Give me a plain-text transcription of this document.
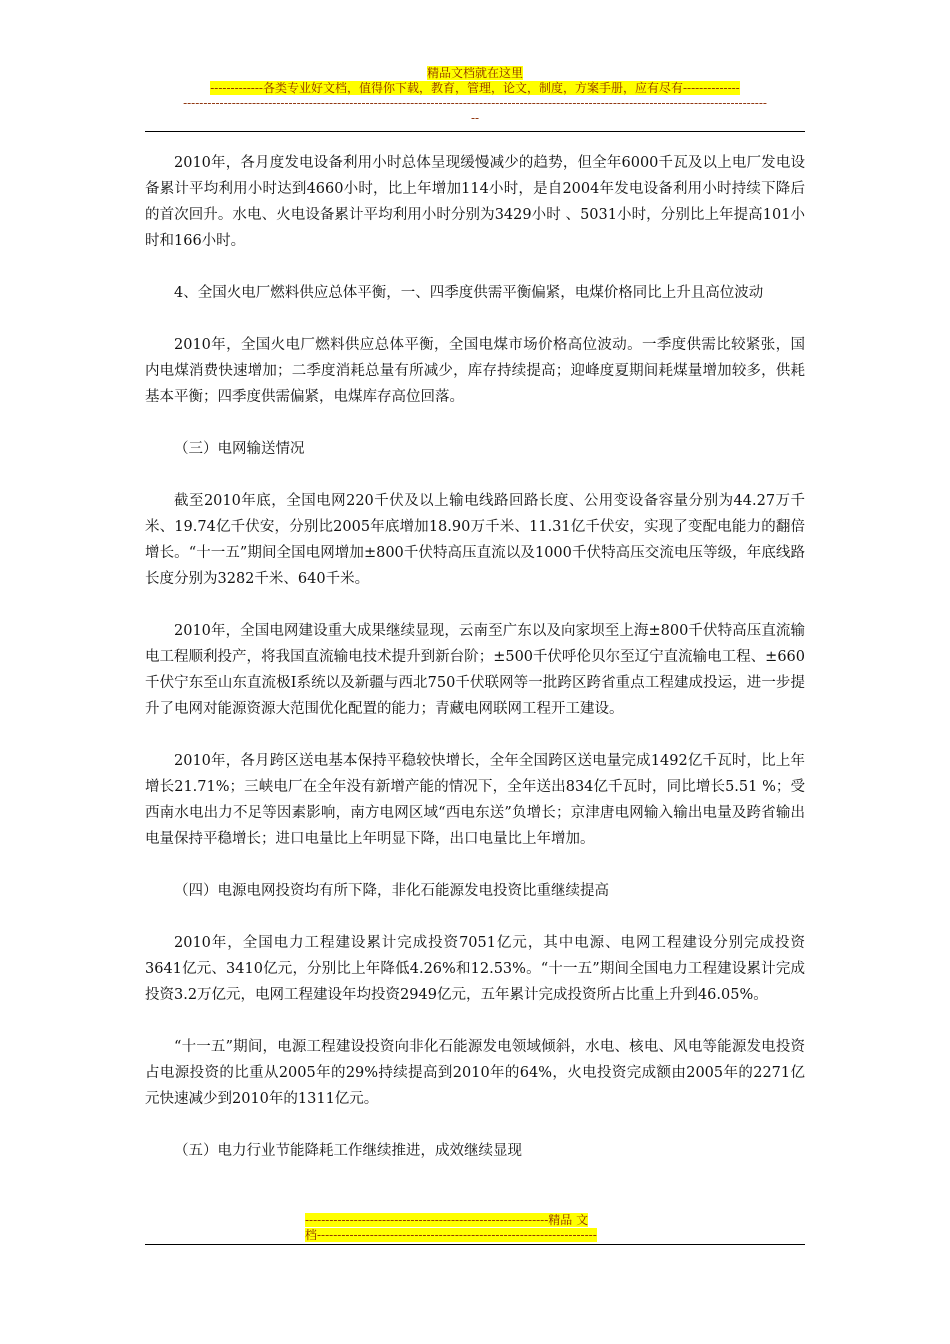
精品文档就在这里
-------------各类专业好文档，值得你下载，教育，管理，论文，制度，方案手册，应有尽有--------------
------------------------------------------------------------------------------------------------------------------------------------------------
--

2010年，各月度发电设备利用小时总体呈现缓慢减少的趋势，但全年6000千瓦及以上电厂发电设备累计平均利用小时达到4660小时，比上年增加114小时，是自2004年发电设备利用小时持续下降后的首次回升。水电、火电设备累计平均利用小时分别为3429小时 、5031小时，分别比上年提高101小时和166小时。

4、全国火电厂燃料供应总体平衡，一、四季度供需平衡偏紧，电煤价格同比上升且高位波动

2010年，全国火电厂燃料供应总体平衡，全国电煤市场价格高位波动。一季度供需比较紧张，国内电煤消费快速增加；二季度消耗总量有所减少，库存持续提高；迎峰度夏期间耗煤量增加较多，供耗基本平衡；四季度供需偏紧，电煤库存高位回落。

（三）电网输送情况

截至2010年底，全国电网220千伏及以上输电线路回路长度、公用变设备容量分别为44.27万千米、19.74亿千伏安，分别比2005年底增加18.90万千米、11.31亿千伏安，实现了变配电能力的翻倍增长。“十一五”期间全国电网增加±800千伏特高压直流以及1000千伏特高压交流电压等级，年底线路长度分别为3282千米、640千米。

2010年，全国电网建设重大成果继续显现，云南至广东以及向家坝至上海±800千伏特高压直流输电工程顺利投产，将我国直流输电技术提升到新台阶；±500千伏呼伦贝尔至辽宁直流输电工程、±660千伏宁东至山东直流极Ⅰ系统以及新疆与西北750千伏联网等一批跨区跨省重点工程建成投运，进一步提升了电网对能源资源大范围优化配置的能力；青藏电网联网工程开工建设。

2010年，各月跨区送电基本保持平稳较快增长，全年全国跨区送电量完成1492亿千瓦时，比上年增长21.71%；三峡电厂在全年没有新增产能的情况下，全年送出834亿千瓦时，同比增长5.51 %；受西南水电出力不足等因素影响，南方电网区域“西电东送”负增长；京津唐电网输入输出电量及跨省输出电量保持平稳增长；进口电量比上年明显下降，出口电量比上年增加。

（四）电源电网投资均有所下降，非化石能源发电投资比重继续提高

2010年，全国电力工程建设累计完成投资7051亿元，其中电源、电网工程建设分别完成投资3641亿元、3410亿元，分别比上年降低4.26%和12.53%。“十一五”期间全国电力工程建设累计完成投资3.2万亿元，电网工程建设年均投资2949亿元，五年累计完成投资所占比重上升到46.05%。

“十一五”期间，电源工程建设投资向非化石能源发电领域倾斜，水电、核电、风电等能源发电投资占电源投资的比重从2005年的29%持续提高到2010年的64%，火电投资完成额由2005年的2271亿元快速减少到2010年的1311亿元。

（五）电力行业节能降耗工作继续推进，成效继续显现

------------------------------------------------------------精品 文
档---------------------------------------------------------------------
